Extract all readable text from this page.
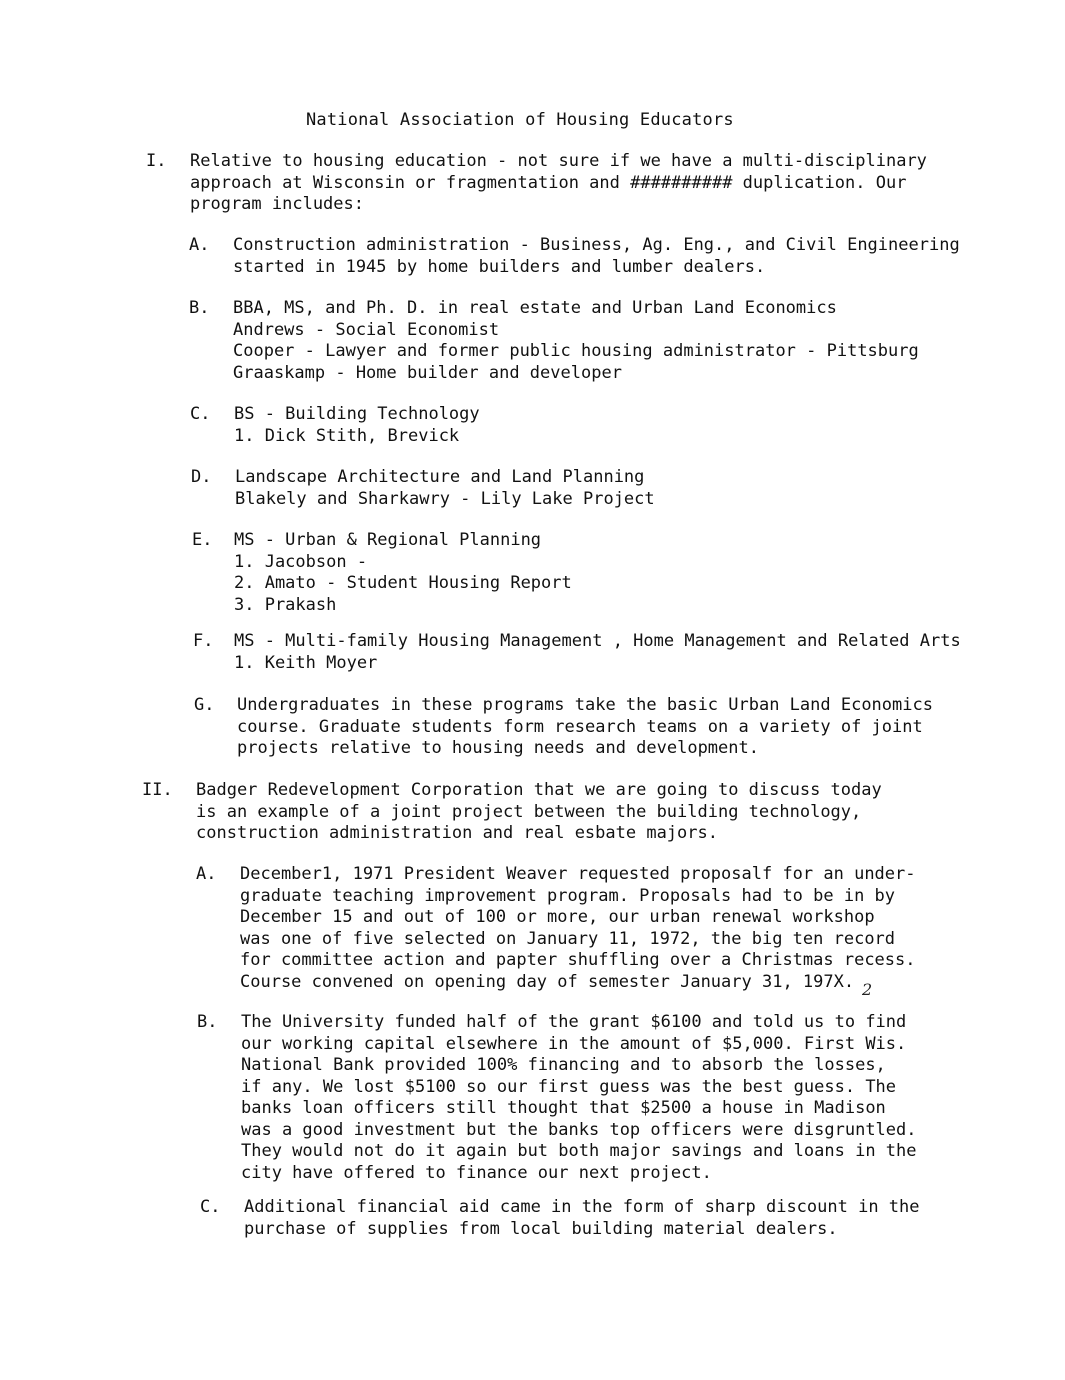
National Association of Housing Educators
I. Relative to housing education - not sure if we have a multi-disciplinary
approach at Wisconsin or fragmentation and ########## duplication. Our
program includes:
A. Construction administration - Business, Ag. Eng., and Civil Engineering
started in 1945 by home builders and lumber dealers.
B. BBA, MS, and Ph. D. in real estate and Urban Land Economics
Andrews - Social Economist
Cooper - Lawyer and former public housing administrator - Pittsburg
Graaskamp - Home builder and developer
C. BS - Building Technology
1. Dick Stith, Brevick
D. Landscape Architecture and Land Planning
Blakely and Sharkawry - Lily Lake Project
E. MS - Urban & Regional Planning
1. Jacobson -
2. Amato - Student Housing Report
3. Prakash
F. MS - Multi-family Housing Management , Home Management and Related Arts
1. Keith Moyer
G. Undergraduates in these programs take the basic Urban Land Economics
course. Graduate students form research teams on a variety of joint
projects relative to housing needs and development.
II. Badger Redevelopment Corporation that we are going to discuss today
is an example of a joint project between the building technology,
construction administration and real esbate majors.
A. December1, 1971 President Weaver requested proposalf for an under-
graduate teaching improvement program. Proposals had to be in by
December 15 and out of 100 or more, our urban renewal workshop
was one of five selected on January 11, 1972, the big ten record
for committee action and papter shuffling over a Christmas recess.
Course convened on opening day of semester January 31, 197X. 2
B. The University funded half of the grant $6100 and told us to find
our working capital elsewhere in the amount of $5,000. First Wis.
National Bank provided 100% financing and to absorb the losses,
if any. We lost $5100 so our first guess was the best guess. The
banks loan officers still thought that $2500 a house in Madison
was a good investment but the banks top officers were disgruntled.
They would not do it again but both major savings and loans in the
city have offered to finance our next project.
C. Additional financial aid came in the form of sharp discount in the
purchase of supplies from local building material dealers.
